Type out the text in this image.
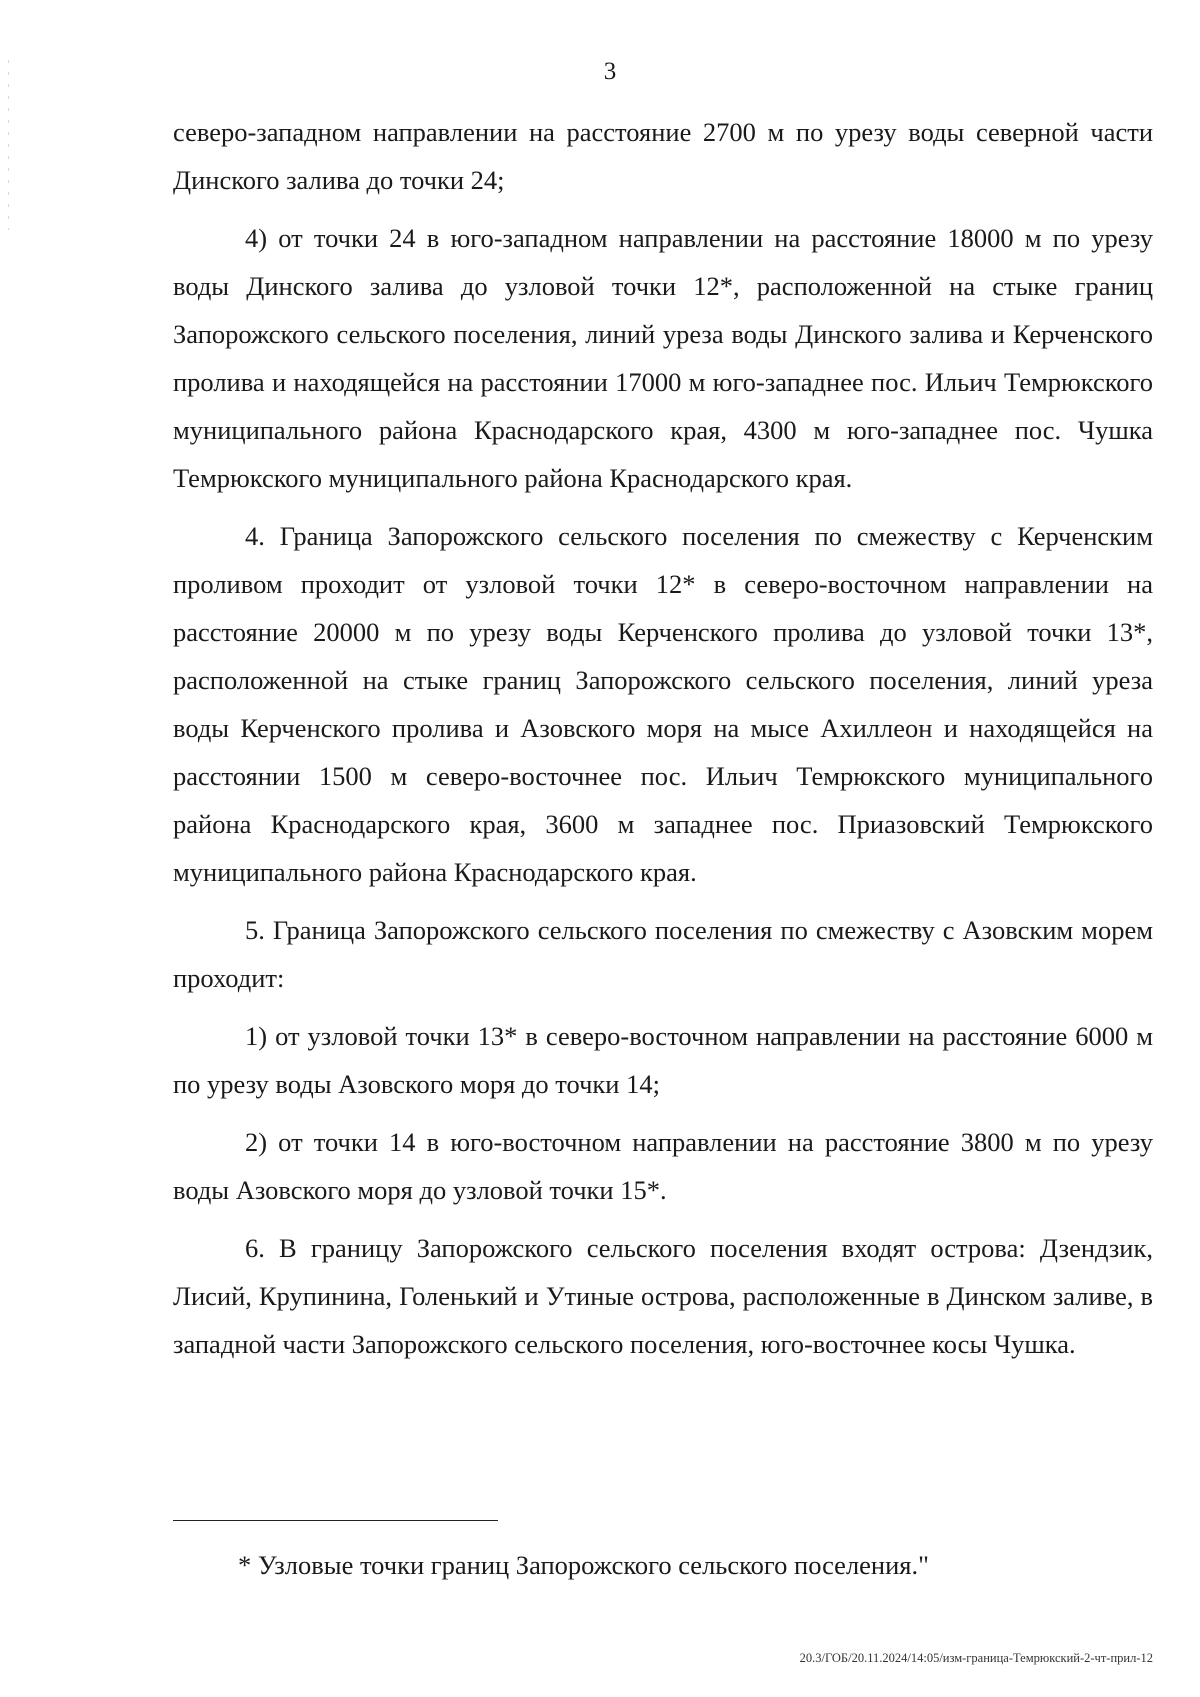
3

северо-западном направлении на расстояние 2700 м по урезу воды северной части Динского залива до точки 24;

4) от точки 24 в юго-западном направлении на расстояние 18000 м по урезу воды Динского залива до узловой точки 12*, расположенной на стыке границ Запорожского сельского поселения, линий уреза воды Динского залива и Керченского пролива и находящейся на расстоянии 17000 м юго-западнее пос. Ильич Темрюкского муниципального района Краснодарского края, 4300 м юго-западнее пос. Чушка Темрюкского муниципального района Краснодарского края.

4. Граница Запорожского сельского поселения по смежеству с Керченским проливом проходит от узловой точки 12* в северо-восточном направлении на расстояние 20000 м по урезу воды Керченского пролива до узловой точки 13*, расположенной на стыке границ Запорожского сельского поселения, линий уреза воды Керченского пролива и Азовского моря на мысе Ахиллеон и находящейся на расстоянии 1500 м северо-восточнее пос. Ильич Темрюкского муниципального района Краснодарского края, 3600 м западнее пос. Приазовский Темрюкского муниципального района Краснодарского края.

5. Граница Запорожского сельского поселения по смежеству с Азовским морем проходит:

1) от узловой точки 13* в северо-восточном направлении на расстояние 6000 м по урезу воды Азовского моря до точки 14;

2) от точки 14 в юго-восточном направлении на расстояние 3800 м по урезу воды Азовского моря до узловой точки 15*.

6. В границу Запорожского сельского поселения входят острова: Дзендзик, Лисий, Крупинина, Голенький и Утиные острова, расположенные в Динском заливе, в западной части Запорожского сельского поселения, юго-восточнее косы Чушка.

* Узловые точки границ Запорожского сельского поселения."
20.3/ГОБ/20.11.2024/14:05/изм-граница-Темрюкский-2-чт-прил-12
